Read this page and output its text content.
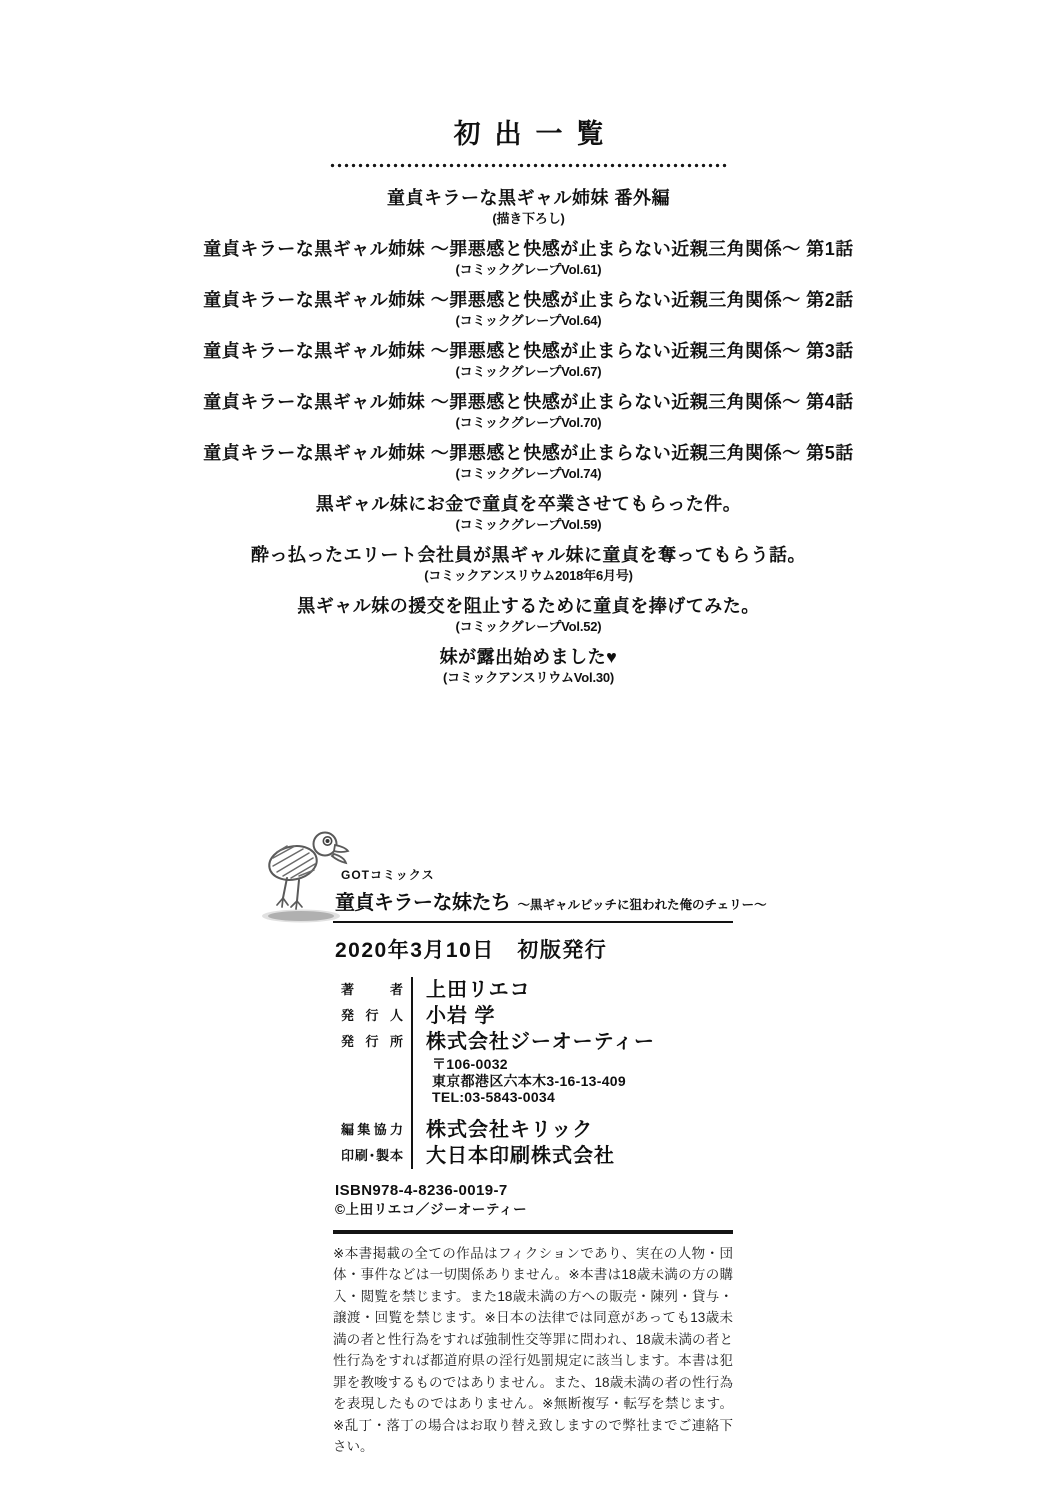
初出一覧

童貞キラーな黒ギャル姉妹 番外編

(描き下ろし)

童貞キラーな黒ギャル姉妹 ～罪悪感と快感が止まらない近親三角関係～ 第1話

(コミックグレープVol.61)

童貞キラーな黒ギャル姉妹 ～罪悪感と快感が止まらない近親三角関係～ 第2話

(コミックグレープVol.64)

童貞キラーな黒ギャル姉妹 ～罪悪感と快感が止まらない近親三角関係～ 第3話

(コミックグレープVol.67)

童貞キラーな黒ギャル姉妹 ～罪悪感と快感が止まらない近親三角関係～ 第4話

(コミックグレープVol.70)

童貞キラーな黒ギャル姉妹 ～罪悪感と快感が止まらない近親三角関係～ 第5話

(コミックグレープVol.74)

黒ギャル妹にお金で童貞を卒業させてもらった件。

(コミックグレープVol.59)

酔っ払ったエリート会社員が黒ギャル妹に童貞を奪ってもらう話。

(コミックアンスリウム2018年6月号)

黒ギャル妹の援交を阻止するために童貞を捧げてみた。

(コミックグレープVol.52)

妹が露出始めました♥

(コミックアンスリウムVol.30)

GOTコミックス

童貞キラーな妹たち ～黒ギャルビッチに狙われた俺のチェリー～

2020年3月10日　初版発行

著者 上田リエコ
発行人 小岩 学
発行所 株式会社ジーオーティー
〒106-0032
東京都港区六本木3-16-13-409
TEL:03-5843-0034
編集協力 株式会社キリック
印刷･製本 大日本印刷株式会社
ISBN978-4-8236-0019-7
©上田リエコ／ジーオーティー

※本書掲載の全ての作品はフィクションであり、実在の人物・団体・事件などは一切関係ありません。※本書は18歳未満の方の購入・閲覧を禁じます。また18歳未満の方への販売・陳列・貸与・譲渡・回覧を禁じます。※日本の法律では同意があっても13歳未満の者と性行為をすれば強制性交等罪に問われ、18歳未満の者と性行為をすれば都道府県の淫行処罰規定に該当します。本書は犯罪を教唆するものではありません。また、18歳未満の者の性行為を表現したものではありません。※無断複写・転写を禁じます。※乱丁・落丁の場合はお取り替え致しますので弊社までご連絡下さい。
